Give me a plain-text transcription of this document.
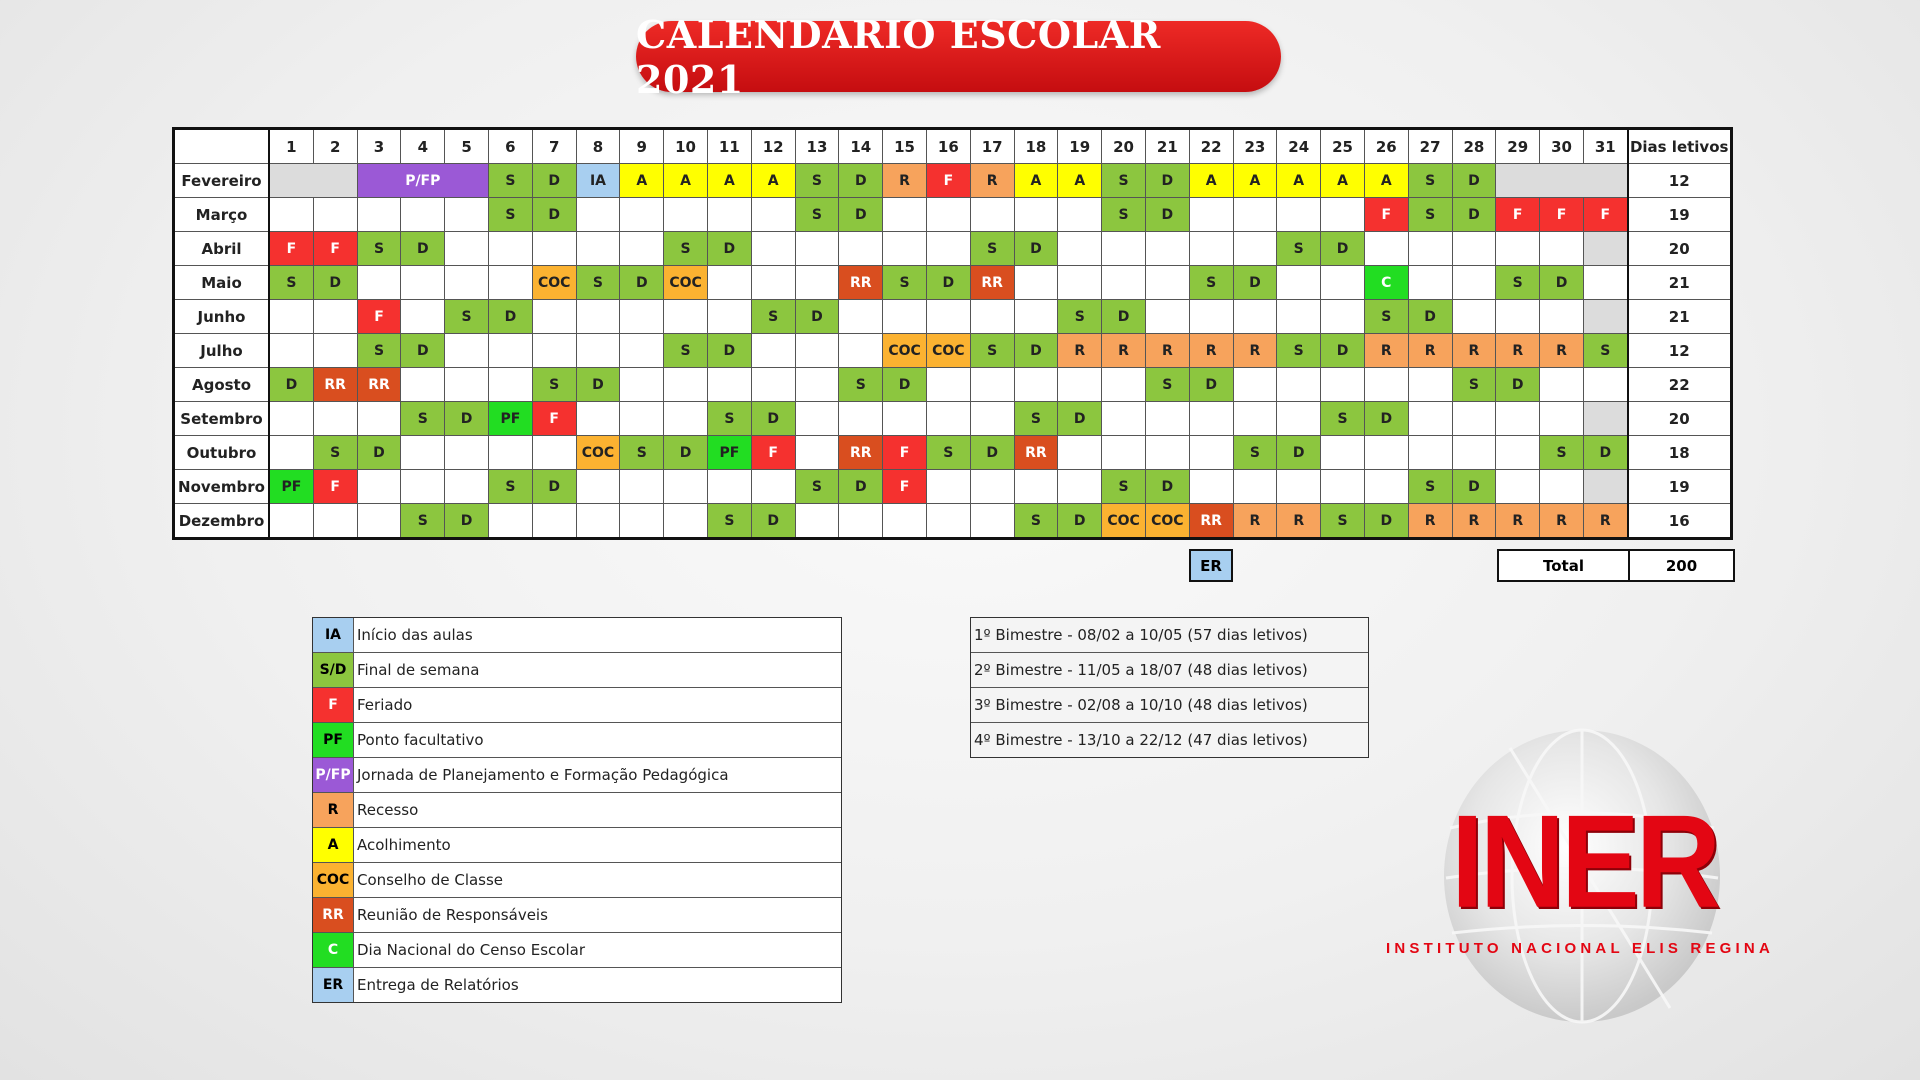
CALENDARIO ESCOLAR 2021
	1	2	3	4	5	6	7	8	9	10	11	12	13	14	15	16	17	18	19	20	21	22	23	24	25	26	27	28	29	30	31	Dias letivos
Fevereiro			P/FP			S	D	IA	A	A	A	A	S	D	R	F	R	A	A	S	D	A	A	A	A	A	S	D				12
Março						S	D						S	D						S	D					F	S	D	F	F	F	19
Abril	F	F	S	D						S	D						S	D						S	D							20
Maio	S	D					COC	S	D	COC				RR	S	D	RR					S	D			C			S	D		21
Junho			F		S	D						S	D						S	D						S	D					21
Julho			S	D						S	D				COC	COC	S	D	R	R	R	R	R	S	D	R	R	R	R	R	S	12
Agosto	D	RR	RR				S	D						S	D						S	D						S	D			22
Setembro				S	D	PF	F				S	D						S	D						S	D						20
Outubro		S	D					COC	S	D	PF	F		RR	F	S	D	RR					S	D						S	D	18
Novembro	PF	F				S	D						S	D	F					S	D						S	D				19
Dezembro				S	D						S	D						S	D	COC	COC	RR	R	R	S	D	R	R	R	R	R	16
ER	Total	200
IA	Início das aulas
S/D Final de semana
F	Feriado
PF Ponto facultativo
P/FP Jornada de Planejamento e Formação Pedagógica
R	Recesso
A	Acolhimento
COC Conselho de Classe
RR Reunião de Responsáveis
C	Dia Nacional do Censo Escolar
ER Entrega de Relatórios
1º Bimestre - 08/02 a 10/05 (57 dias letivos)
2º Bimestre - 11/05 a 18/07 (48 dias letivos)
3º Bimestre - 02/08 a 10/10 (48 dias letivos)
4º Bimestre - 13/10 a 22/12 (47 dias letivos)
INER
INSTITUTO NACIONAL ELIS REGINA
